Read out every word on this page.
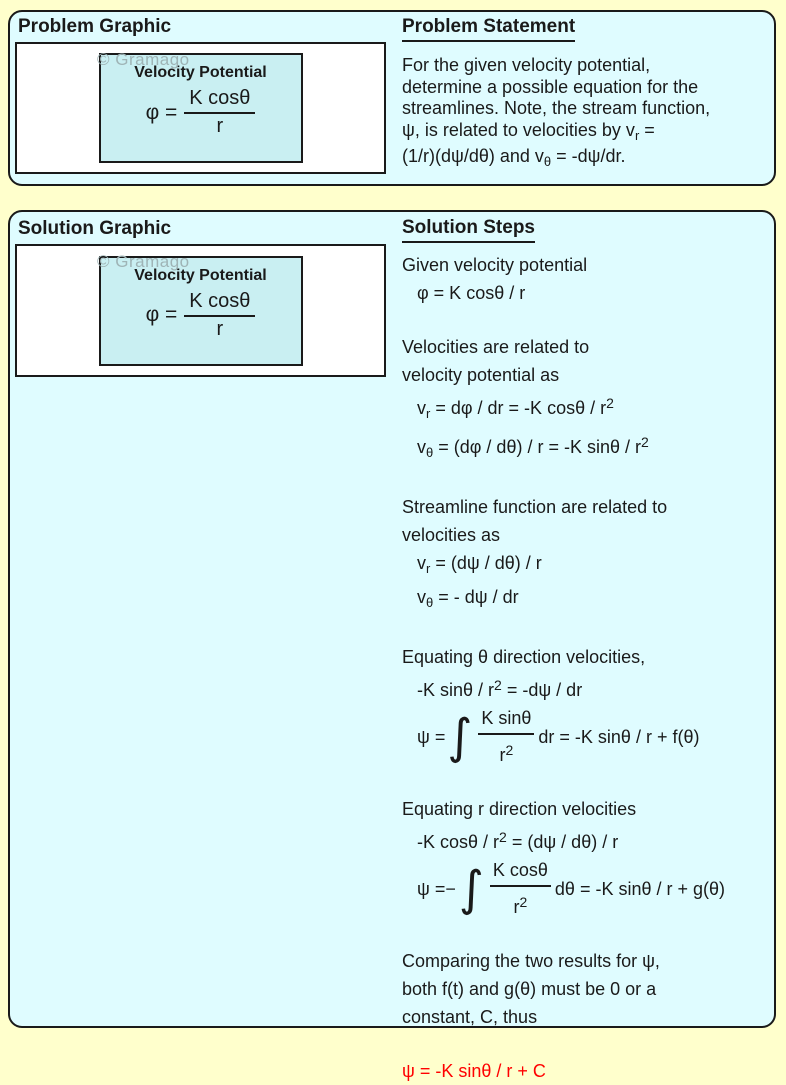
Problem Graphic
© Gramago
Velocity Potential
$\varphi = \frac{\text{K cosθ}}{r}$
Problem Statement
For the given velocity potential,
determine a possible equation for the
streamlines. Note, the stream function,
ψ, is related to velocities by $v_r$ =
(1/r)(dψ/dθ) and $v_\theta = -d\psi/dr$.
Solution Graphic
© Gramago
Velocity Potential
$\varphi = \frac{\text{K cosθ}}{r}$
Solution Steps
Given velocity potential
φ = K cosθ / r
Velocities are related to
velocity potential as
$v_r = d\varphi$ / dr = -K cosθ / $r^2$
$v_\theta = (d\varphi / d\theta) / r = -K$ sinθ / $r^2$
Streamline function are related to
velocities as
$v_r = (d\psi / d\theta) / r$
$v_\theta$ = - dψ / dr
Equating θ direction velocities,
-K $\sin\theta / r^2 = -d\psi$ / dr
ψ = ∫ $\frac{\text{K sinθ}}{r^2}$ dr = -K sinθ / r + f(θ)
Equating r direction velocities
-K $\cos\theta / r^2 = (d\psi / d\theta) / r$
ψ = − ∫ $\frac{\text{K cosθ}}{r^2}$ dθ = -K sinθ / r + g(θ)
Comparing the two results for ψ,
both f(t) and g(θ) must be 0 or a
constant, C, thus
ψ = -K sinθ / r + C
